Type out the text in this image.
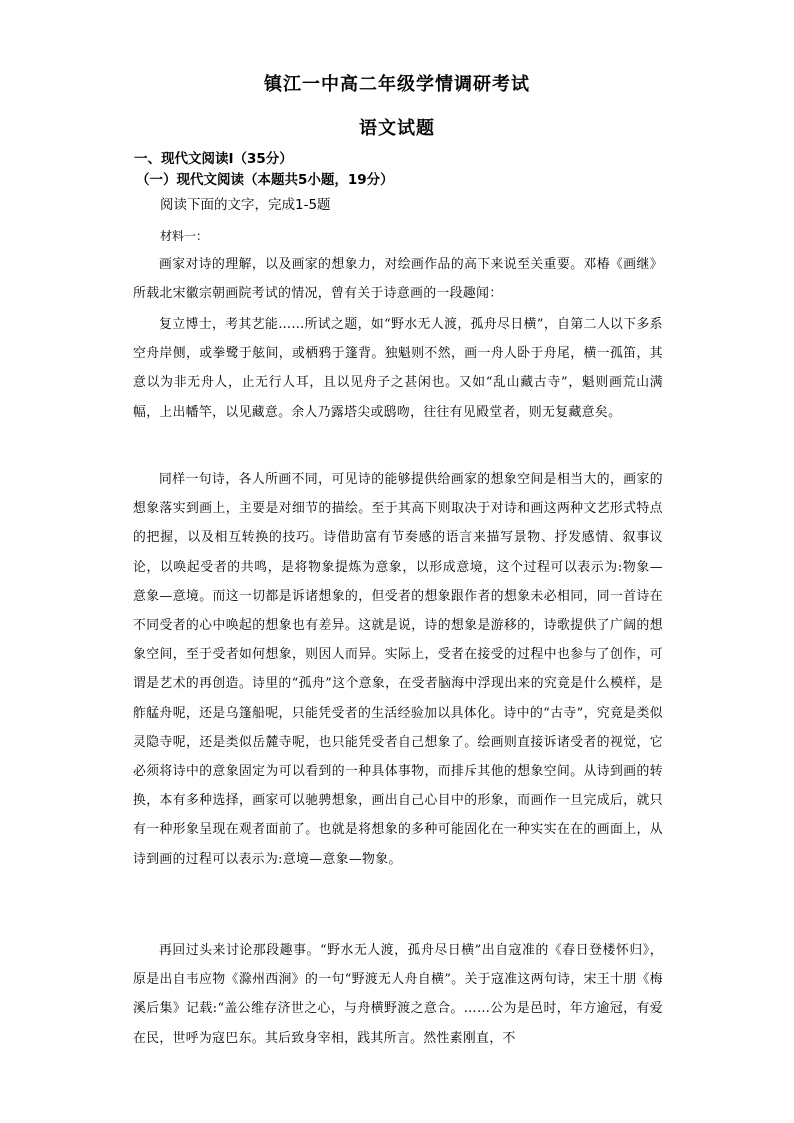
镇江一中高二年级学情调研考试
语文试题
一、现代文阅读Ⅰ（35分）
（一）现代文阅读（本题共5小题，19分）
阅读下面的文字，完成1-5题
材料一：

画家对诗的理解，以及画家的想象力，对绘画作品的高下来说至关重要。邓椿《画继》所载北宋徽宗朝画院考试的情况，曾有关于诗意画的一段趣闻：

复立博士，考其艺能……所试之题，如“野水无人渡，孤舟尽日横”，自第二人以下多系空舟岸侧，或拳鹭于舷间，或栖鸦于篷背。独魁则不然，画一舟人卧于舟尾，横一孤笛，其意以为非无舟人，止无行人耳，且以见舟子之甚闲也。又如“乱山藏古寺”，魁则画荒山满幅，上出幡竿，以见藏意。余人乃露塔尖或鸱吻，往往有见殿堂者，则无复藏意矣。

同样一句诗，各人所画不同，可见诗的能够提供给画家的想象空间是相当大的，画家的想象落实到画上，主要是对细节的描绘。至于其高下则取决于对诗和画这两种文艺形式特点的把握，以及相互转换的技巧。诗借助富有节奏感的语言来描写景物、抒发感情、叙事议论，以唤起受者的共鸣，是将物象提炼为意象，以形成意境，这个过程可以表示为:物象—意象—意境。而这一切都是诉诸想象的，但受者的想象跟作者的想象未必相同，同一首诗在不同受者的心中唤起的想象也有差异。这就是说，诗的想象是游移的，诗歌提供了广阔的想象空间，至于受者如何想象，则因人而异。实际上，受者在接受的过程中也参与了创作，可谓是艺术的再创造。诗里的“孤舟”这个意象，在受者脑海中浮现出来的究竟是什么模样，是舴艋舟呢，还是乌篷船呢，只能凭受者的生活经验加以具体化。诗中的“古寺”，究竟是类似灵隐寺呢，还是类似岳麓寺呢，也只能凭受者自己想象了。绘画则直接诉诸受者的视觉，它必须将诗中的意象固定为可以看到的一种具体事物，而排斥其他的想象空间。从诗到画的转换，本有多种选择，画家可以驰骋想象，画出自己心目中的形象，而画作一旦完成后，就只有一种形象呈现在观者面前了。也就是将想象的多种可能固化在一种实实在在的画面上，从诗到画的过程可以表示为:意境—意象—物象。

再回过头来讨论那段趣事。“野水无人渡，孤舟尽日横”出自寇准的《春日登楼怀归》，原是出自韦应物《滁州西涧》的一句“野渡无人舟自横”。关于寇准这两句诗，宋王十朋《梅溪后集》记载:“盖公维存济世之心，与舟横野渡之意合。……公为是邑时，年方逾冠，有爱在民，世呼为寇巴东。其后致身宰相，践其所言。然性素刚直，不
